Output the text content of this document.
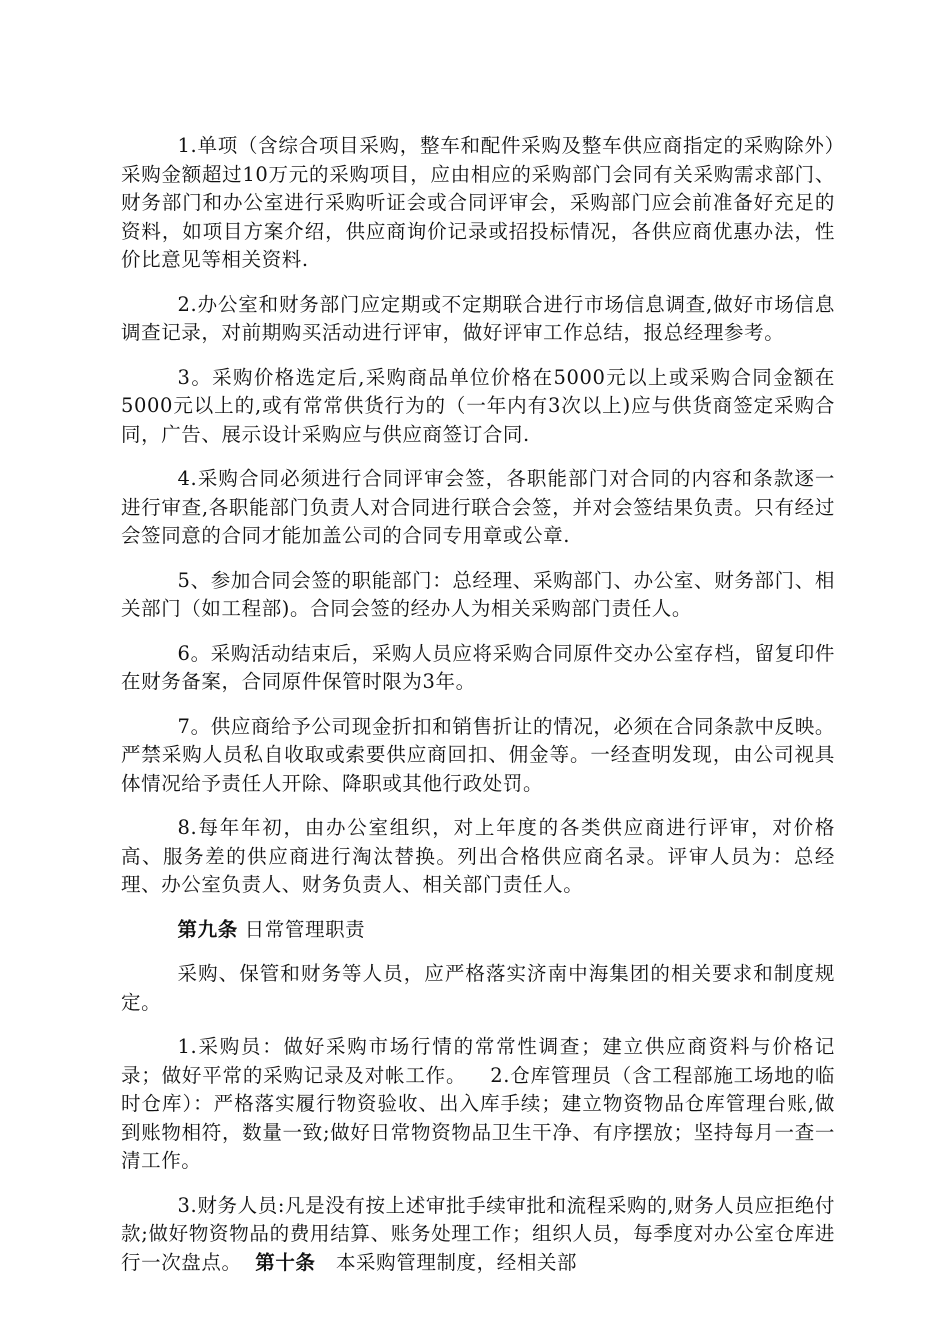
1.单项（含综合项目采购，整车和配件采购及整车供应商指定的采购除外）采购金额超过10万元的采购项目，应由相应的采购部门会同有关采购需求部门、财务部门和办公室进行采购听证会或合同评审会，采购部门应会前准备好充足的资料，如项目方案介绍，供应商询价记录或招投标情况，各供应商优惠办法，性价比意见等相关资料.

2.办公室和财务部门应定期或不定期联合进行市场信息调查,做好市场信息调查记录，对前期购买活动进行评审，做好评审工作总结，报总经理参考。

3。采购价格选定后,采购商品单位价格在5000元以上或采购合同金额在5000元以上的,或有常常供货行为的（一年内有3次以上)应与供货商签定采购合同，广告、展示设计采购应与供应商签订合同.

4.采购合同必须进行合同评审会签，各职能部门对合同的内容和条款逐一进行审查,各职能部门负责人对合同进行联合会签，并对会签结果负责。只有经过会签同意的合同才能加盖公司的合同专用章或公章.

5、参加合同会签的职能部门：总经理、采购部门、办公室、财务部门、相关部门（如工程部)。合同会签的经办人为相关采购部门责任人。

6。采购活动结束后，采购人员应将采购合同原件交办公室存档，留复印件在财务备案，合同原件保管时限为3年。

7。供应商给予公司现金折扣和销售折让的情况，必须在合同条款中反映。严禁采购人员私自收取或索要供应商回扣、佣金等。一经查明发现，由公司视具体情况给予责任人开除、降职或其他行政处罚。

8.每年年初，由办公室组织，对上年度的各类供应商进行评审，对价格高、服务差的供应商进行淘汰替换。列出合格供应商名录。评审人员为：总经理、办公室负责人、财务负责人、相关部门责任人。

第九条 日常管理职责

采购、保管和财务等人员，应严格落实济南中海集团的相关要求和制度规定。

1.采购员：做好采购市场行情的常常性调查；建立供应商资料与价格记录；做好平常的采购记录及对帐工作。 2.仓库管理员（含工程部施工场地的临时仓库）：严格落实履行物资验收、出入库手续；建立物资物品仓库管理台账,做到账物相符，数量一致;做好日常物资物品卫生干净、有序摆放；坚持每月一查一清工作。

3.财务人员:凡是没有按上述审批手续审批和流程采购的,财务人员应拒绝付款;做好物资物品的费用结算、账务处理工作；组织人员，每季度对办公室仓库进行一次盘点。 第十条 本采购管理制度，经相关部
